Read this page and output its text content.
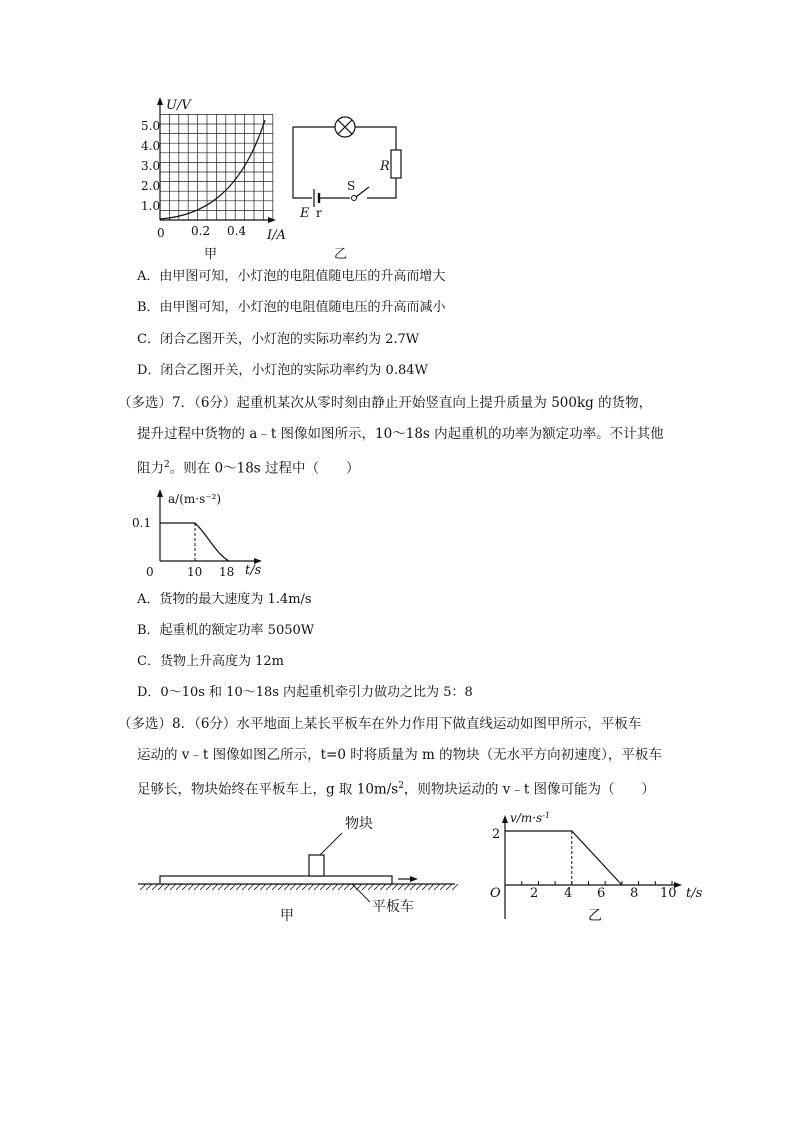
U/V
5.0
4.0
3.0
2.0
1.0
0 0.2 0.4 I/A
甲
R
S
E r
乙
A．由甲图可知，小灯泡的电阻值随电压的升高而增大
B．由甲图可知，小灯泡的电阻值随电压的升高而减小
C．闭合乙图开关，小灯泡的实际功率约为 2.7W
D．闭合乙图开关，小灯泡的实际功率约为 0.84W
（多选）7．（6分）起重机某次从零时刻由静止开始竖直向上提升质量为 500kg 的货物，
提升过程中货物的 a﹣t 图像如图所示，10～18s 内起重机的功率为额定功率。不计其他
阻力$^2$。则在 0～18s 过程中（　　）
a/(m·s⁻²)
0.1
0	10 18 t/s
A．货物的最大速度为 1.4m/s
B．起重机的额定功率 5050W
C．货物上升高度为 12m
D．0～10s 和 10～18s 内起重机牵引力做功之比为 5：8
（多选）8．（6分）水平地面上某长平板车在外力作用下做直线运动如图甲所示，平板车
运动的 v﹣t 图像如图乙所示，t=0 时将质量为 m 的物块（无水平方向初速度），平板车
足够长，物块始终在平板车上，g 取 $10m/s^2$，则物块运动的 v﹣t 图像可能为（　　）
物块
平板车
甲
$v/m\cdot s^{-1}$
2
O 2 4 6 8 10 t/s
乙
